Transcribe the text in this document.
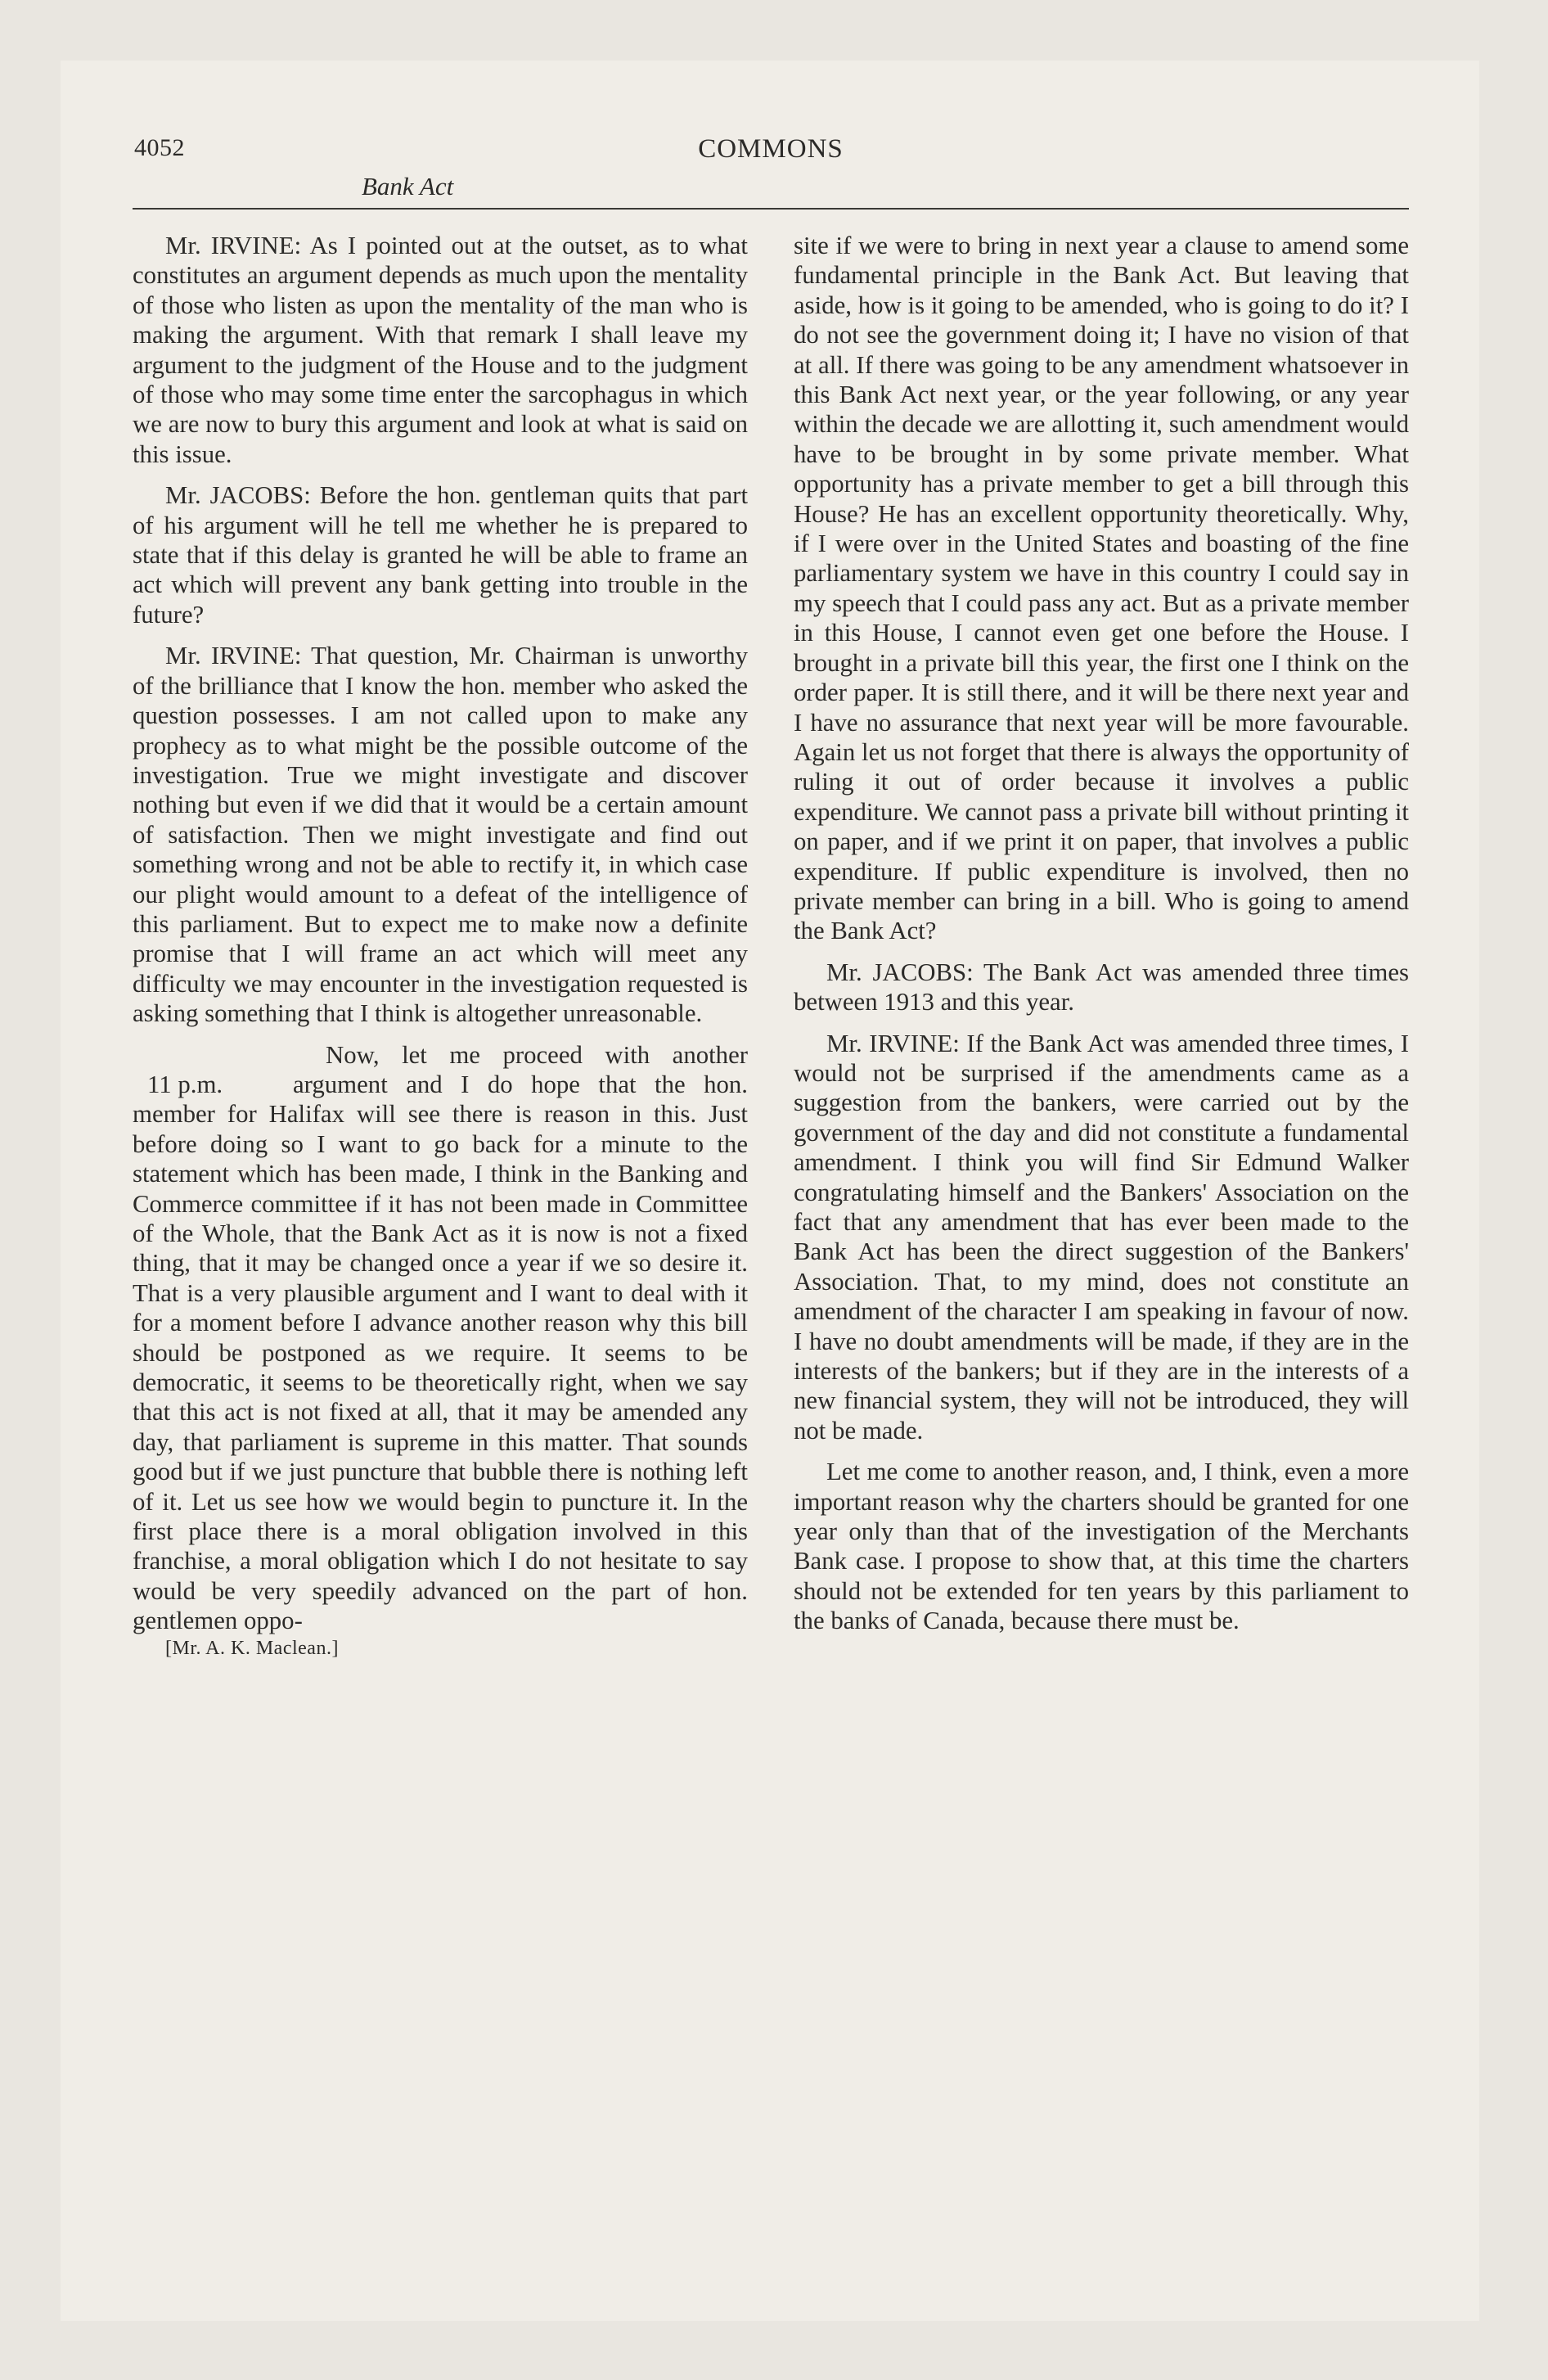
4052	COMMONS
Bank Act

Mr. IRVINE: As I pointed out at the outset, as to what constitutes an argument depends as much upon the mentality of those who listen as upon the mentality of the man who is making the argument. With that remark I shall leave my argument to the judgment of the House and to the judgment of those who may some time enter the sarcophagus in which we are now to bury this argument and look at what is said on this issue.

Mr. JACOBS: Before the hon. gentleman quits that part of his argument will he tell me whether he is prepared to state that if this delay is granted he will be able to frame an act which will prevent any bank getting into trouble in the future?

Mr. IRVINE: That question, Mr. Chairman is unworthy of the brilliance that I know the hon. member who asked the question possesses. I am not called upon to make any prophecy as to what might be the possible outcome of the investigation. True we might investigate and discover nothing but even if we did that it would be a certain amount of satisfaction. Then we might investigate and find out something wrong and not be able to rectify it, in which case our plight would amount to a defeat of the intelligence of this parliament. But to expect me to make now a definite promise that I will frame an act which will meet any difficulty we may encounter in the investigation requested is asking something that I think is altogether unreasonable.

11 p.m.
Now, let me proceed with another argument and I do hope that the hon. member for Halifax will see there is reason in this. Just before doing so I want to go back for a minute to the statement which has been made, I think in the Banking and Commerce committee if it has not been made in Committee of the Whole, that the Bank Act as it is now is not a fixed thing, that it may be changed once a year if we so desire it. That is a very plausible argument and I want to deal with it for a moment before I advance another reason why this bill should be postponed as we require. It seems to be democratic, it seems to be theoretically right, when we say that this act is not fixed at all, that it may be amended any day, that parliament is supreme in this matter. That sounds good but if we just puncture that bubble there is nothing left of it. Let us see how we would begin to puncture it. In the first place there is a moral obligation involved in this franchise, a moral obligation which I do not hesitate to say would be very speedily advanced on the part of hon. gentlemen oppo-

[Mr. A. K. Maclean.]

site if we were to bring in next year a clause to amend some fundamental principle in the Bank Act. But leaving that aside, how is it going to be amended, who is going to do it? I do not see the government doing it; I have no vision of that at all. If there was going to be any amendment whatsoever in this Bank Act next year, or the year following, or any year within the decade we are allotting it, such amendment would have to be brought in by some private member. What opportunity has a private member to get a bill through this House? He has an excellent opportunity theoretically. Why, if I were over in the United States and boasting of the fine parliamentary system we have in this country I could say in my speech that I could pass any act. But as a private member in this House, I cannot even get one before the House. I brought in a private bill this year, the first one I think on the order paper. It is still there, and it will be there next year and I have no assurance that next year will be more favourable. Again let us not forget that there is always the opportunity of ruling it out of order because it involves a public expenditure. We cannot pass a private bill without printing it on paper, and if we print it on paper, that involves a public expenditure. If public expenditure is involved, then no private member can bring in a bill. Who is going to amend the Bank Act?

Mr. JACOBS: The Bank Act was amended three times between 1913 and this year.

Mr. IRVINE: If the Bank Act was amended three times, I would not be surprised if the amendments came as a suggestion from the bankers, were carried out by the government of the day and did not constitute a fundamental amendment. I think you will find Sir Edmund Walker congratulating himself and the Bankers' Association on the fact that any amendment that has ever been made to the Bank Act has been the direct suggestion of the Bankers' Association. That, to my mind, does not constitute an amendment of the character I am speaking in favour of now. I have no doubt amendments will be made, if they are in the interests of the bankers; but if they are in the interests of a new financial system, they will not be introduced, they will not be made.

Let me come to another reason, and, I think, even a more important reason why the charters should be granted for one year only than that of the investigation of the Merchants Bank case. I propose to show that, at this time the charters should not be extended for ten years by this parliament to the banks of Canada, because there must be.
